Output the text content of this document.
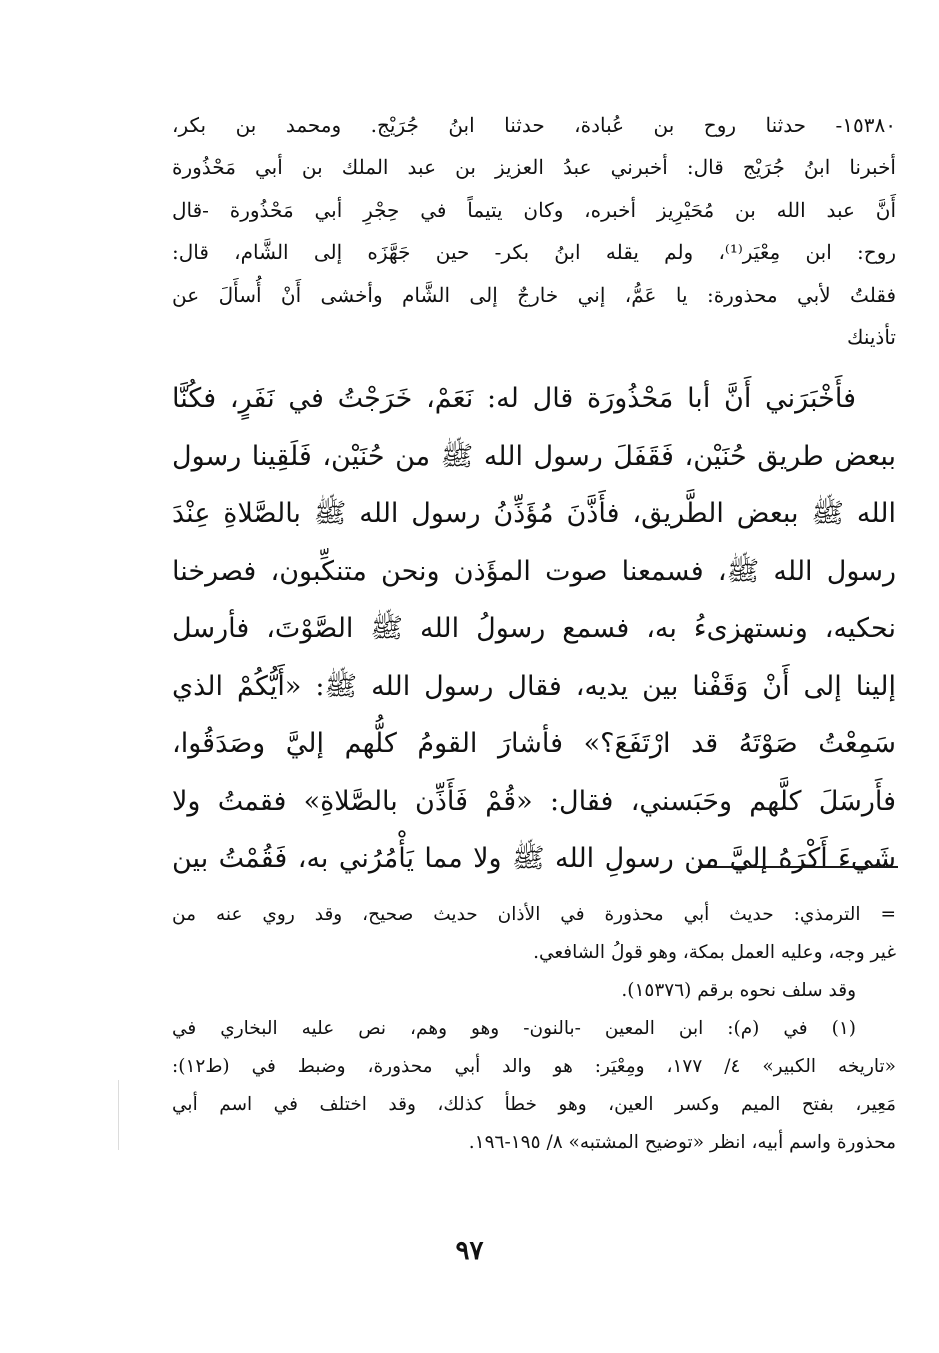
١٥٣٨٠- حدثنا روح بن عُبادة، حدثنا ابنُ جُرَيْج. ومحمد بن بكر،
أخبرنا ابنُ جُرَيْج قال: أخبرني عبدُ العزيز بن عبد الملك بن أبي مَحْذُورة
أَنَّ عبد الله بن مُحَيْرِيز أخبره، وكان يتيماً في حِجْرِ أبي مَحْذُورة -قال
روح: ابن مِعْيَر⁽¹⁾، ولم يقله ابنُ بكر- حين جَهَّزَه إلى الشَّام، قال:
فقلتُ لأبي محذورة: يا عَمُّ، إني خارجٌ إلى الشَّام وأخشى أَنْ أُسأَلَ عن
تأذينك
فأَخْبَرَني أَنَّ أبا مَحْذُورَة قال له: نَعَمْ، خَرَجْتُ في نَفَرٍ، فكُنَّا
ببعض طريق حُنَيْن، فَقَفَلَ رسول الله ﷺ من حُنَيْن، فَلَقِينا رسول
الله ﷺ ببعض الطَّريق، فأَذَّنَ مُؤَذِّنُ رسول الله ﷺ بالصَّلاةِ عِنْدَ
رسول الله ﷺ، فسمعنا صوت المؤَذن ونحن متنكِّبون، فصرخنا
نحكيه، ونستهزىءُ به، فسمع رسولُ الله ﷺ الصَّوْتَ، فأرسل
إلينا إلى أَنْ وَقَفْنا بين يديه، فقال رسول الله ﷺ: «أَيُّكُمْ الذي
سَمِعْتُ صَوْتَهُ قد ارْتَفَعَ؟» فأشارَ القومُ كلُّهم إليَّ وصَدَقُوا،
فأَرسَلَ كلَّهم وحَبَسني، فقال: «قُمْ فَأَذِّن بالصَّلاةِ» فقمتُ ولا
شَيءَ أَكْرَهُ إليَّ من رسولِ الله ﷺ ولا مما يَأْمُرُني به، فَقُمْتُ بين
= الترمذي: حديث أبي محذورة في الأذان حديث صحيح، وقد روي عنه من
غير وجه، وعليه العمل بمكة، وهو قولُ الشافعي.
وقد سلف نحوه برقم (١٥٣٧٦).
(١) في (م): ابن المعين -بالنون- وهو وهم، نص عليه البخاري في
«تاريخه الكبير» ٤/ ١٧٧، ومِعْيَر: هو والد أبي محذورة، وضبط في (ط١٢):
مَعِير، بفتح الميم وكسر العين، وهو خطأ كذلك، وقد اختلف في اسم أبي
محذورة واسم أبيه، انظر «توضيح المشتبه» ٨/ ١٩٥-١٩٦.
٩٧
